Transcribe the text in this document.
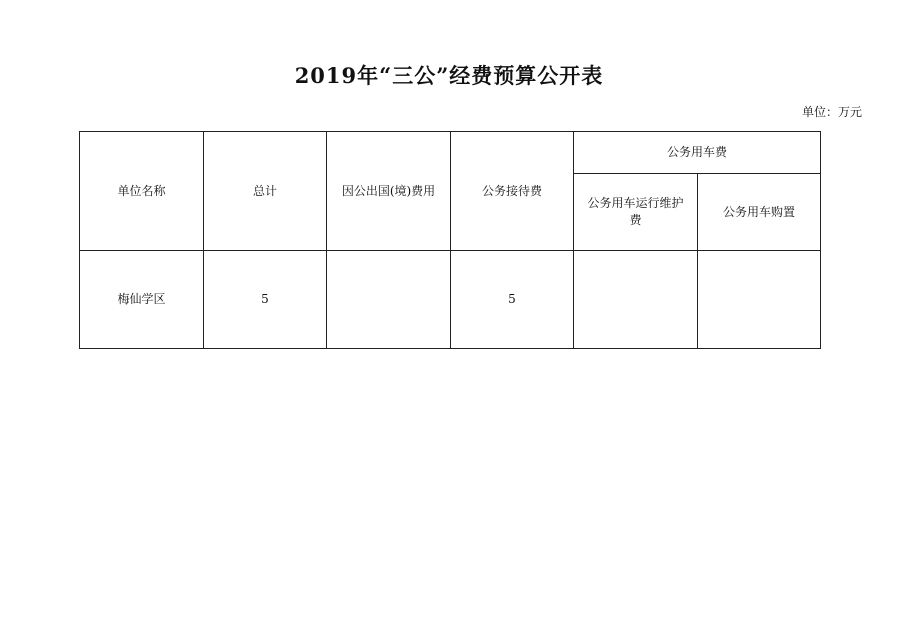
2019年“三公”经费预算公开表
单位：万元
单位名称	总计	因公出国(境)费用	公务接待费	公务用车费	
				公务用车运行维护费	公务用车购置
梅仙学区	5		5		
